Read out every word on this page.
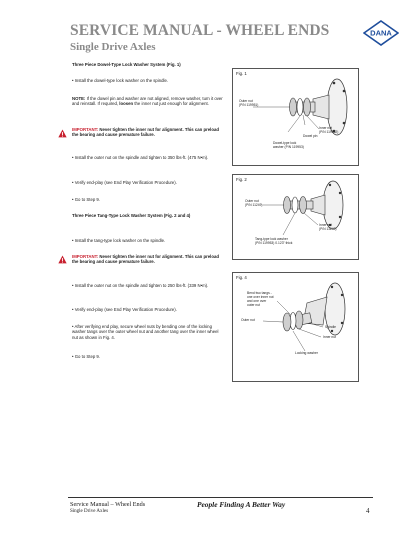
SERVICE MANUAL - WHEEL ENDS
Single Drive Axles
DANA

Three Piece Dowel-Type Lock Washer System (Fig. 1)

• Install the dowel-type lock washer on the spindle.

NOTE: If the dowel pin and washer are not aligned, remove washer, turn it over and reinstall. If required, loosen the inner nut just enough for alignment.

IMPORTANT: Never tighten the inner nut for alignment. This can preload the bearing and cause premature failure.

• Install the outer nut on the spindle and tighten to 350 lbs-ft. (475 N•m).

• Verify end-play (see End Play Verification Procedure).

• Go to Step 9.

Three Piece Tang-Type Lock Washer System (Fig. 2 and 4)

• Install the tang-type lock washer on the spindle.

IMPORTANT: Never tighten the inner nut for alignment. This can preload the bearing and cause premature failure.

• Install the outer nut on the spindle and tighten to 250 lbs-ft. (339 N•m).

• Verify end-play (see End Play Verification Procedure).

• After verifying end play, secure wheel nuts by bending one of the locking washer tangs over the outer wheel nut and another tang over the inner wheel nut as shown in Fig. 4.

• Go to Step 9.

Fig. 1
Outer nut
(P/N 119951)
Inner nut
(P/N 119952)
Dowel pin
Dowel-type lock
washer (P/N 119953)
Fig. 2
Outer nut
(P/N 11249)
Inner nut
(P/N 11249)
Tang-type lock washer
(P/N 119953) 0.123" thick
Fig. 4
Bend two tangs -
one over inner nut
and one over
outer nut
Outer nut
Spindle
Inner nut
Locking washer
Service Manual – Wheel Ends
Single Drive Axles
People Finding A Better Way
4
